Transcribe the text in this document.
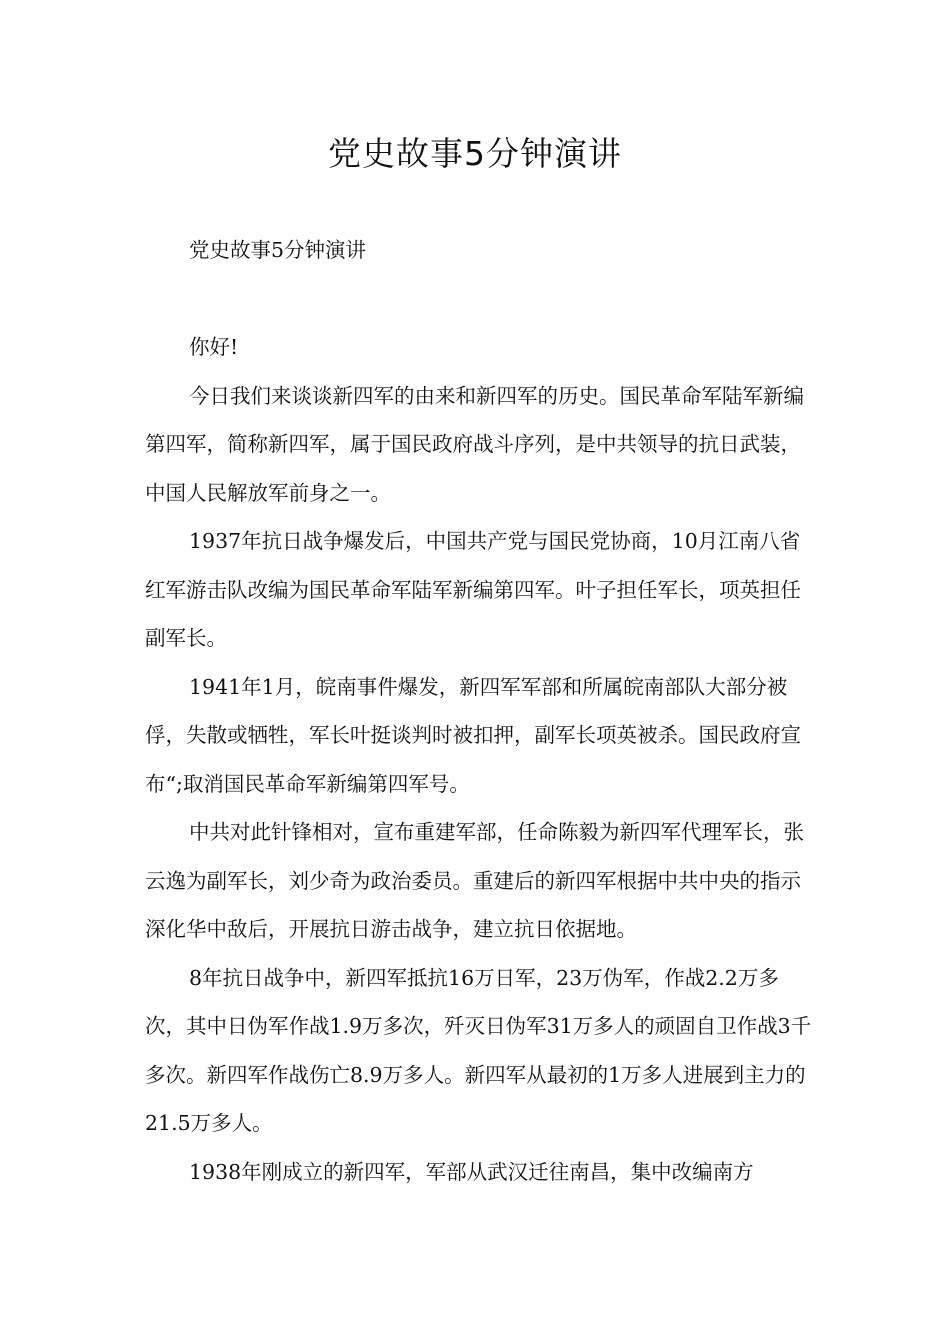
党史故事5分钟演讲

党史故事5分钟演讲

你好!

今日我们来谈谈新四军的由来和新四军的历史。国民革命军陆军新编第四军，简称新四军，属于国民政府战斗序列，是中共领导的抗日武装，中国人民解放军前身之一。

1937年抗日战争爆发后，中国共产党与国民党协商，10月江南八省红军游击队改编为国民革命军陆军新编第四军。叶子担任军长，项英担任副军长。

1941年1月，皖南事件爆发，新四军军部和所属皖南部队大部分被俘，失散或牺牲，军长叶挺谈判时被扣押，副军长项英被杀。国民政府宣布“;取消国民革命军新编第四军号。

中共对此针锋相对，宣布重建军部，任命陈毅为新四军代理军长，张云逸为副军长，刘少奇为政治委员。重建后的新四军根据中共中央的指示深化华中敌后，开展抗日游击战争，建立抗日依据地。

8年抗日战争中，新四军抵抗16万日军，23万伪军，作战2.2万多次，其中日伪军作战1.9万多次，歼灭日伪军31万多人的顽固自卫作战3千多次。新四军作战伤亡8.9万多人。新四军从最初的1万多人进展到主力的21.5万多人。

1938年刚成立的新四军，军部从武汉迁往南昌，集中改编南方
